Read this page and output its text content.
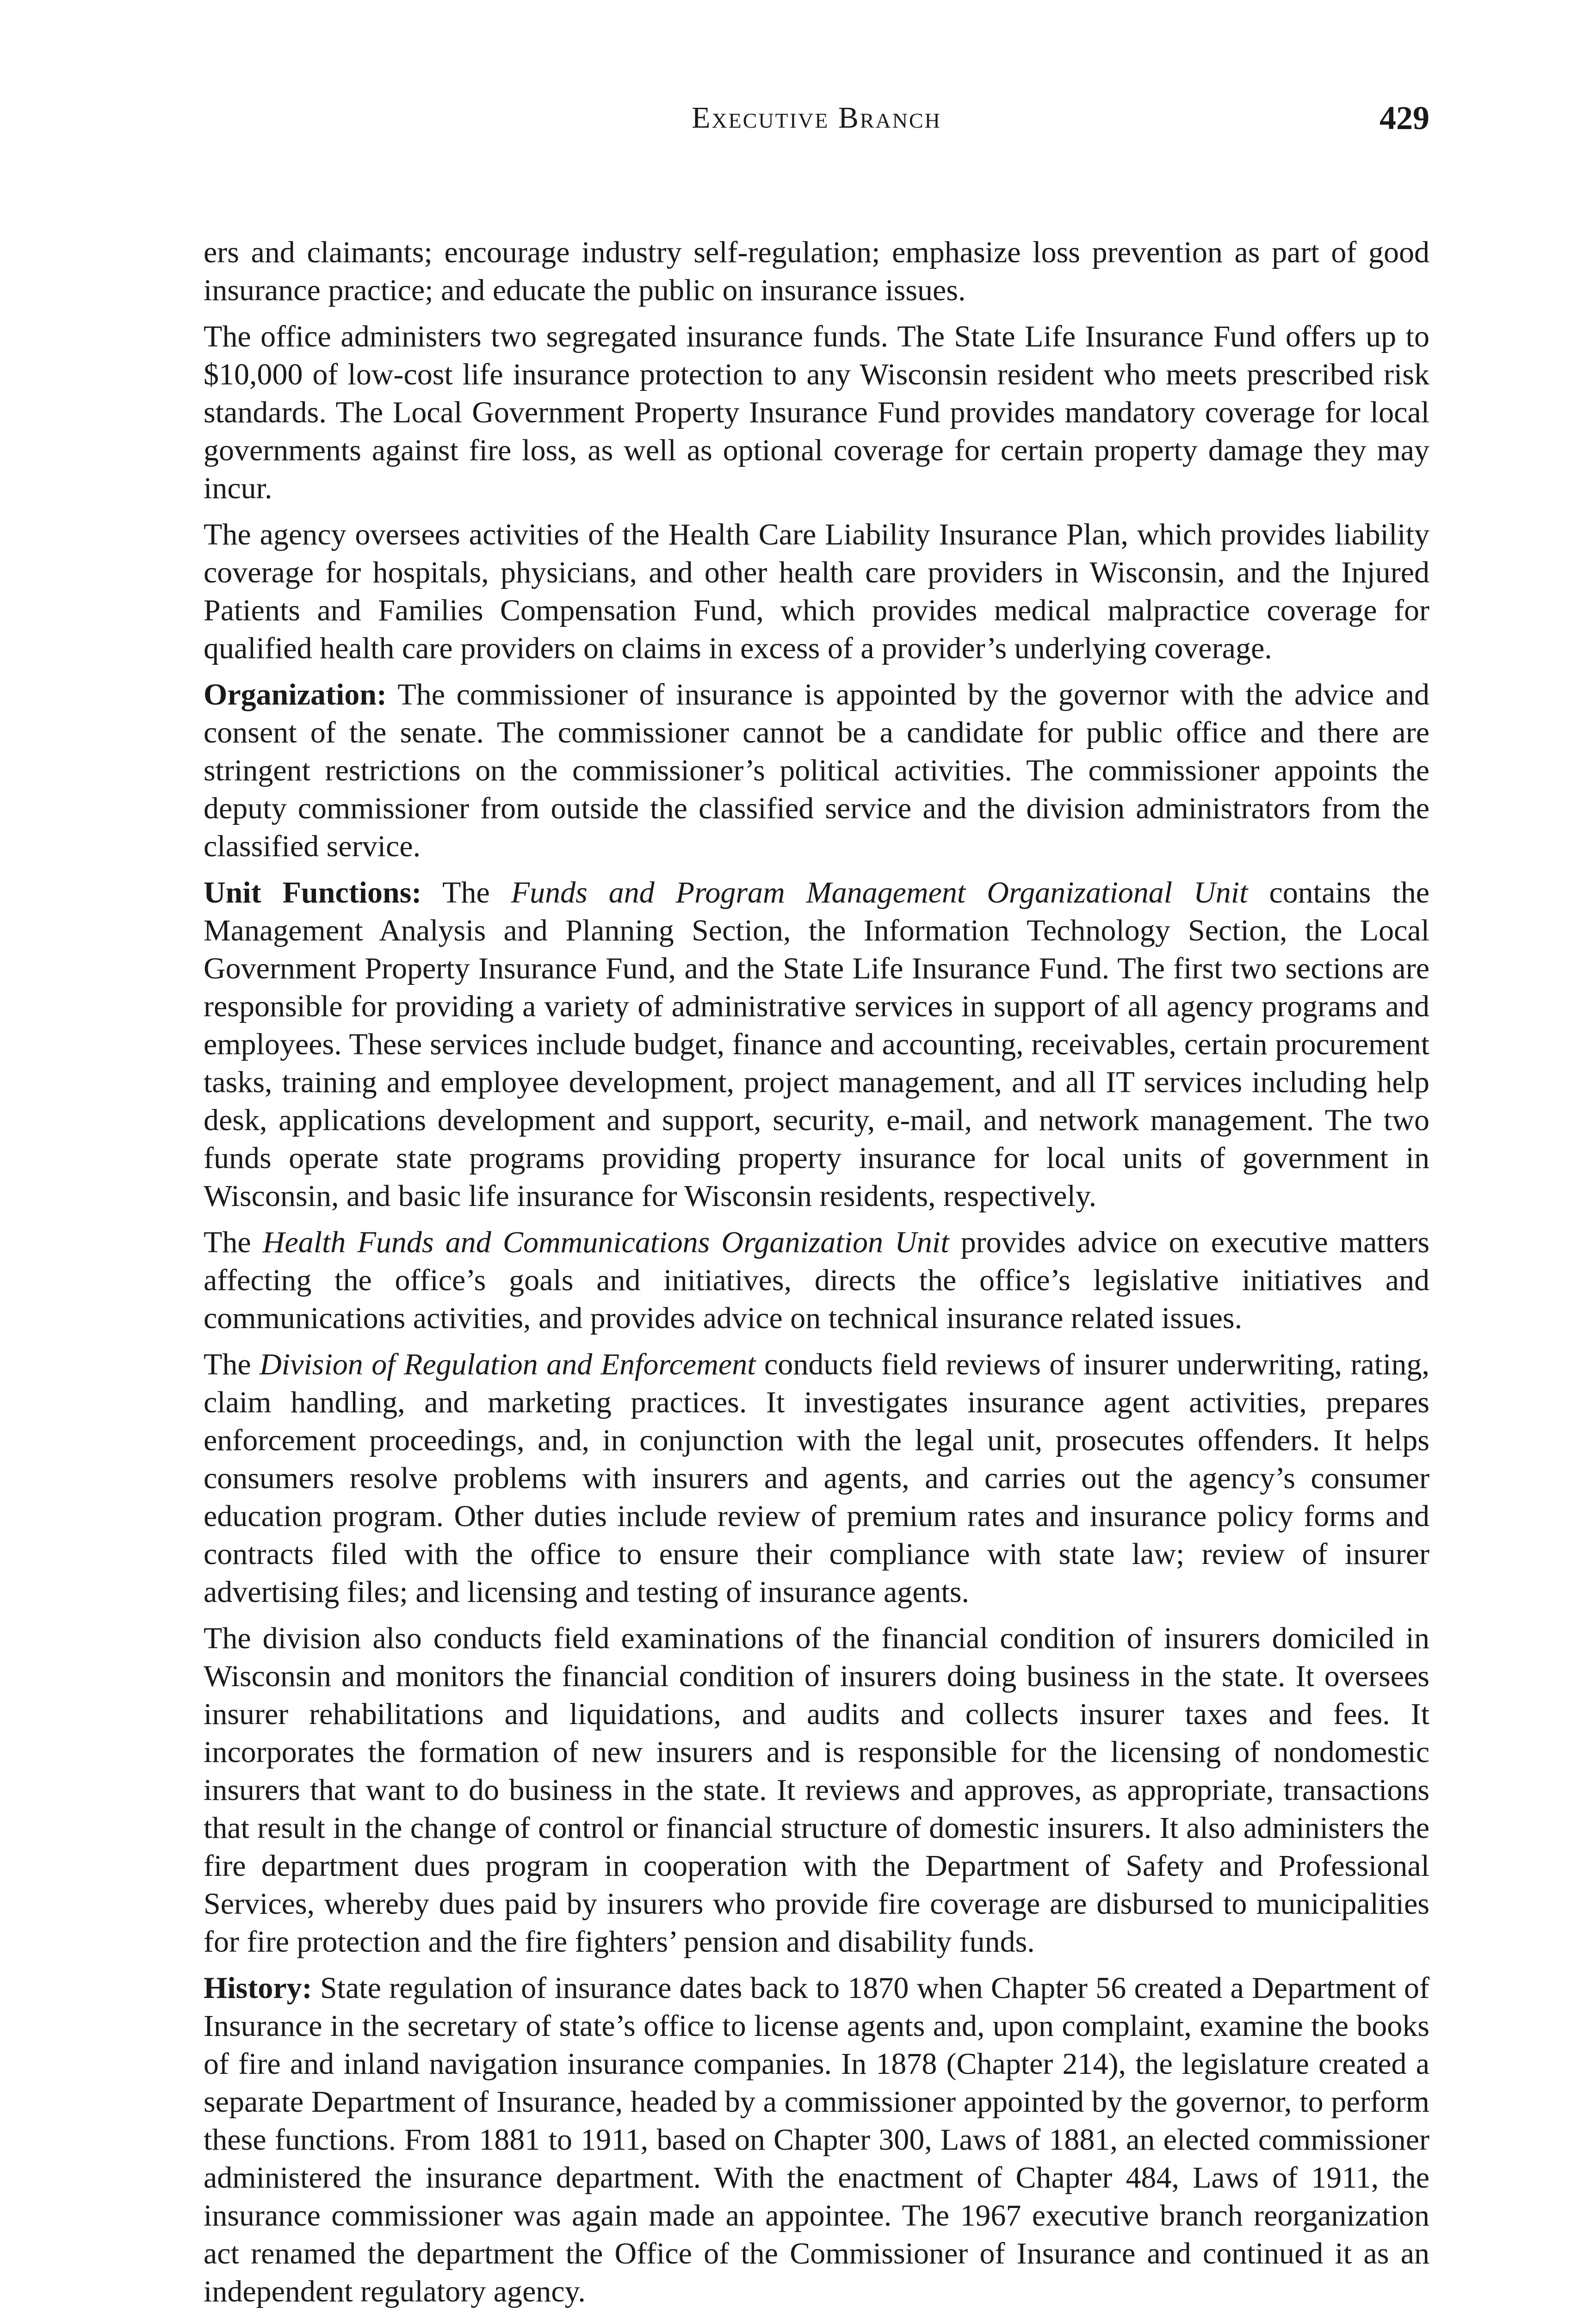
Executive Branch	429

ers and claimants; encourage industry self-regulation; emphasize loss prevention as part of good insurance practice; and educate the public on insurance issues.

The office administers two segregated insurance funds. The State Life Insurance Fund offers up to $10,000 of low-cost life insurance protection to any Wisconsin resident who meets prescribed risk standards. The Local Government Property Insurance Fund provides mandatory coverage for local governments against fire loss, as well as optional coverage for certain property damage they may incur.

The agency oversees activities of the Health Care Liability Insurance Plan, which provides liability coverage for hospitals, physicians, and other health care providers in Wisconsin, and the Injured Patients and Families Compensation Fund, which provides medical malpractice coverage for qualified health care providers on claims in excess of a provider’s underlying coverage.

Organization: The commissioner of insurance is appointed by the governor with the advice and consent of the senate. The commissioner cannot be a candidate for public office and there are stringent restrictions on the commissioner’s political activities. The commissioner appoints the deputy commissioner from outside the classified service and the division administrators from the classified service.

Unit Functions: The Funds and Program Management Organizational Unit contains the Management Analysis and Planning Section, the Information Technology Section, the Local Government Property Insurance Fund, and the State Life Insurance Fund. The first two sections are responsible for providing a variety of administrative services in support of all agency programs and employees. These services include budget, finance and accounting, receivables, certain procurement tasks, training and employee development, project management, and all IT services including help desk, applications development and support, security, e-mail, and network management. The two funds operate state programs providing property insurance for local units of government in Wisconsin, and basic life insurance for Wisconsin residents, respectively.

The Health Funds and Communications Organization Unit provides advice on executive matters affecting the office’s goals and initiatives, directs the office’s legislative initiatives and communications activities, and provides advice on technical insurance related issues.

The Division of Regulation and Enforcement conducts field reviews of insurer underwriting, rating, claim handling, and marketing practices. It investigates insurance agent activities, prepares enforcement proceedings, and, in conjunction with the legal unit, prosecutes offenders. It helps consumers resolve problems with insurers and agents, and carries out the agency’s consumer education program. Other duties include review of premium rates and insurance policy forms and contracts filed with the office to ensure their compliance with state law; review of insurer advertising files; and licensing and testing of insurance agents.

The division also conducts field examinations of the financial condition of insurers domiciled in Wisconsin and monitors the financial condition of insurers doing business in the state. It oversees insurer rehabilitations and liquidations, and audits and collects insurer taxes and fees. It incorporates the formation of new insurers and is responsible for the licensing of nondomestic insurers that want to do business in the state. It reviews and approves, as appropriate, transactions that result in the change of control or financial structure of domestic insurers. It also administers the fire department dues program in cooperation with the Department of Safety and Professional Services, whereby dues paid by insurers who provide fire coverage are disbursed to municipalities for fire protection and the fire fighters’ pension and disability funds.

History: State regulation of insurance dates back to 1870 when Chapter 56 created a Department of Insurance in the secretary of state’s office to license agents and, upon complaint, examine the books of fire and inland navigation insurance companies. In 1878 (Chapter 214), the legislature created a separate Department of Insurance, headed by a commissioner appointed by the governor, to perform these functions. From 1881 to 1911, based on Chapter 300, Laws of 1881, an elected commissioner administered the insurance department. With the enactment of Chapter 484, Laws of 1911, the insurance commissioner was again made an appointee. The 1967 executive branch reorganization act renamed the department the Office of the Commissioner of Insurance and continued it as an independent regulatory agency.
